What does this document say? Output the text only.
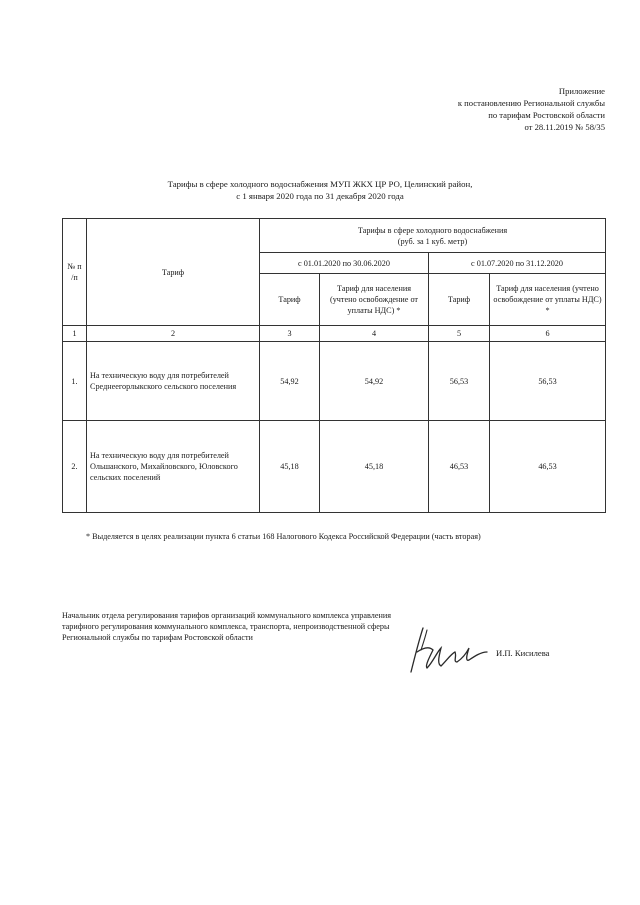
Приложение
к постановлению Региональной службы
по тарифам Ростовской области
от 28.11.2019 № 58/35
Тарифы в сфере холодного водоснабжения МУП ЖКХ ЦР РО, Целинский район,
с 1 января 2020 года по 31 декабря 2020 года
№ п /п	Тариф	Тарифы в сфере холодного водоснабжения
(руб. за 1 куб. метр)			

		с 01.01.2020 по 30.06.2020		с 01.07.2020 по 31.12.2020	
		Тариф	Тариф для населения (учтено освобождение от уплаты НДС) *	Тариф	Тариф для населения (учтено освобождение от уплаты НДС) *
1	2	3	4	5	6
1.	На техническую воду для потребителей Среднеегорлыкского сельского поселения	54,92	54,92	56,53	56,53
2.	На техническую воду для потребителей Ольшанского, Михайловского, Юловского сельских поселений	45,18	45,18	46,53	46,53
* Выделяется в целях реализации пункта 6 статьи 168 Налогового Кодекса Российской Федерации (часть вторая)
Начальник отдела регулирования тарифов организаций коммунального комплекса управления
тарифного регулирования коммунального комплекса, транспорта, непроизводственной сферы
Региональной службы по тарифам Ростовской области
И.П. Кисилева
